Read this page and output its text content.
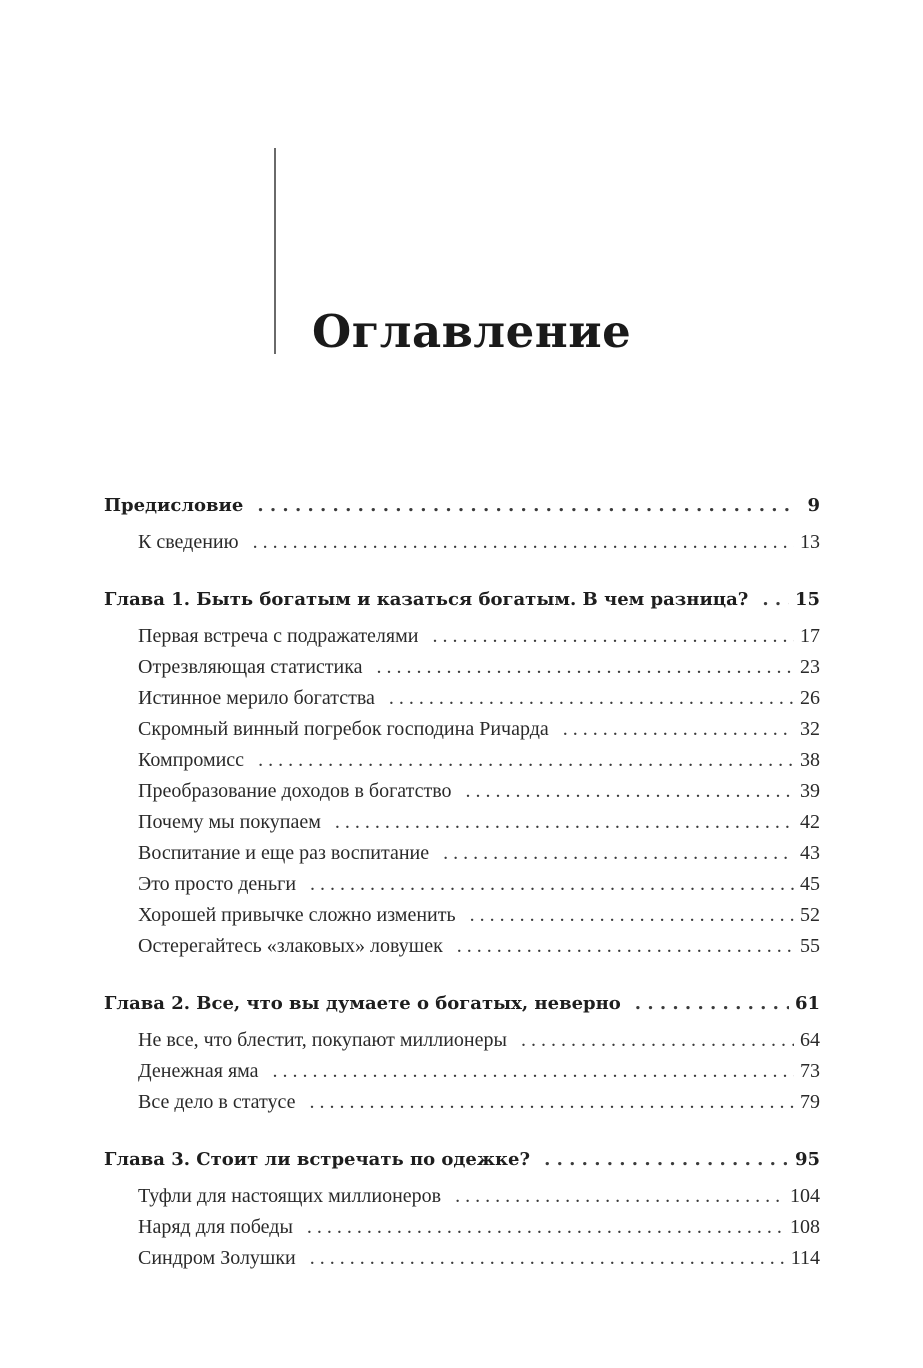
Оглавление
Предисловие . . .	9
К сведению . . .	13
Глава 1. Быть богатым и казаться богатым. В чем разница? . . .	15
Первая встреча с подражателями . . .	17
Отрезвляющая статистика . . .	23
Истинное мерило богатства . . .	26
Скромный винный погребок господина Ричарда . . .	32
Компромисс . . .	38
Преобразование доходов в богатство . . .	39
Почему мы покупаем . . .	42
Воспитание и еще раз воспитание . . .	43
Это просто деньги . . .	45
Хорошей привычке сложно изменить . . .	52
Остерегайтесь «злаковых» ловушек . . .	55
Глава 2. Все, что вы думаете о богатых, неверно . . .	61
Не все, что блестит, покупают миллионеры . . .	64
Денежная яма . . .	73
Все дело в статусе . . .	79
Глава 3. Стоит ли встречать по одежке? . . .	95
Туфли для настоящих миллионеров . . .	104
Наряд для победы . . .	108
Синдром Золушки . . .	114
